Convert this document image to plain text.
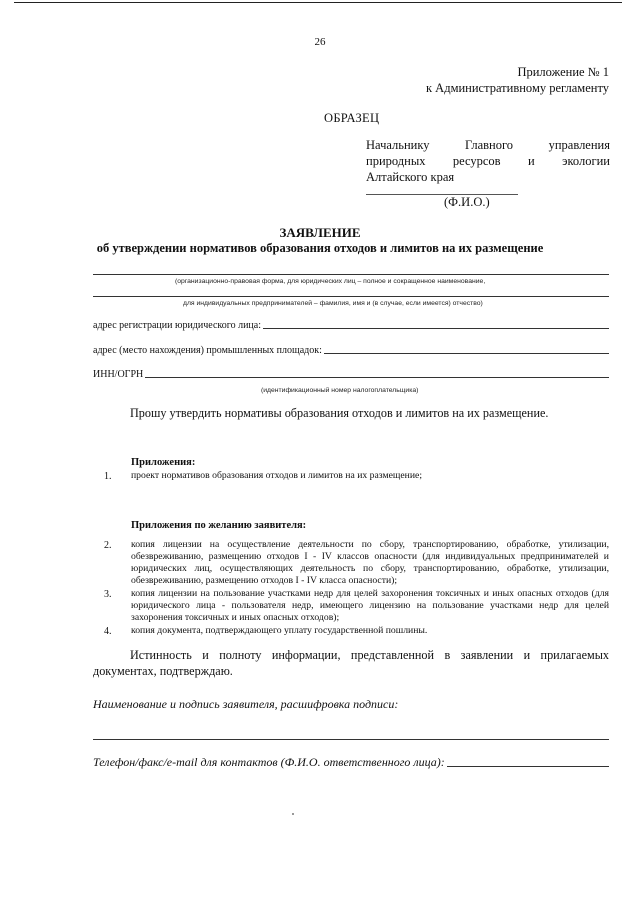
26
Приложение № 1
к Административному регламенту
ОБРАЗЕЦ
Начальнику	Главного	управления
природных ресурсов и экологии
Алтайского края
(Ф.И.О.)
ЗАЯВЛЕНИЕ
об утверждении нормативов образования отходов и лимитов на их размещение
(организационно-правовая форма, для юридических лиц – полное и сокращенное наименование,
для индивидуальных предпринимателей – фамилия, имя и (в случае, если имеется) отчество)
адрес регистрации юридического лица:
адрес (место нахождения) промышленных площадок:
ИНН/ОГРН
(идентификационный номер налогоплательщика)
Прошу утвердить нормативы образования отходов и лимитов на их размещение.
Приложения:
1. проект нормативов образования отходов и лимитов на их размещение;
Приложения по желанию заявителя:
2. копия лицензии на осуществление деятельности по сбору, транспортированию, обработке, утилизации, обезвреживанию, размещению отходов I - IV классов опасности (для индивидуальных предпринимателей и юридических лиц, осуществляющих деятельность по сбору, транспортированию, обработке, утилизации, обезвреживанию, размещению отходов I - IV класса опасности);
3. копия лицензии на пользование участками недр для целей захоронения токсичных и иных опасных отходов (для юридического лица - пользователя недр, имеющего лицензию на пользование участками недр для целей захоронения токсичных и иных опасных отходов);
4. копия документа, подтверждающего уплату государственной пошлины.
Истинность и полноту информации, представленной в заявлении и прилагаемых документах, подтверждаю.
Наименование и подпись заявителя, расшифровка подписи:
Телефон/факс/e-mail для контактов (Ф.И.О. ответственного лица):
